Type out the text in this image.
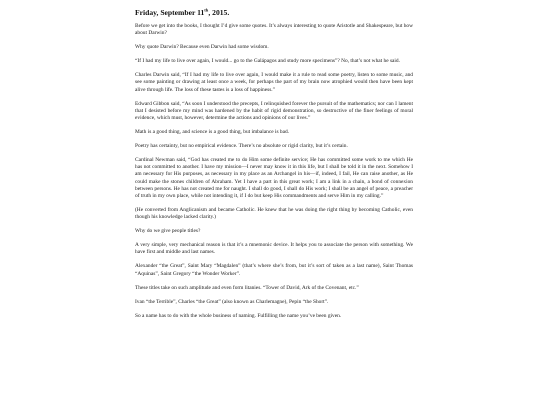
Friday, September 11th, 2015.

Before we get into the books, I thought I’d give some quotes. It’s always interesting to quote Aristotle and Shakespeare, but how about Darwin?

Why quote Darwin? Because even Darwin had some wisdom.

“If I had my life to live over again, I would... go to the Galápagos and study more specimens”? No, that’s not what he said.

Charles Darwin said, “If I had my life to live over again, I would make it a rule to read some poetry, listen to some music, and see some painting or drawing at least once a week, for perhaps the part of my brain now atrophied would then have been kept alive through life. The loss of these tastes is a loss of happiness.”

Edward Gibbon said, “As soon I understood the precepts, I relinquished forever the pursuit of the mathematics; nor can I lament that I desisted before my mind was hardened by the habit of rigid demonstration, so destructive of the finer feelings of moral evidence, which must, however, determine the actions and opinions of our lives.”

Math is a good thing, and science is a good thing, but imbalance is bad.

Poetry has certainty, but no empirical evidence. There’s no absolute or rigid clarity, but it’s certain.

Cardinal Newman said, “God has created me to do Him some definite service; He has committed some work to me which He has not committed to another. I have my mission—I never may know it in this life, but I shall be told it in the next. Somehow I am necessary for His purposes, as necessary in my place as an Archangel in his—if, indeed, I fail, He can raise another, as He could make the stones children of Abraham. Yet I have a part in this great work; I am a link in a chain, a bond of connexion between persons. He has not created me for naught. I shall do good, I shall do His work; I shall be an angel of peace, a preacher of truth in my own place, while not intending it, if I do but keep His commandments and serve Him in my calling.”

(He converted from Anglicanism and became Catholic. He knew that he was doing the right thing by becoming Catholic, even though his knowledge lacked clarity.)

Why do we give people titles?

A very simple, very mechanical reason is that it’s a mnemonic device. It helps you to associate the person with something. We have first and middle and last names.

Alexander “the Great”, Saint Mary “Magdalen” (that’s where she’s from, but it’s sort of taken as a last name), Saint Thomas “Aquinas”, Saint Gregory “the Wonder Worker”.

These titles take on such amplitude and even form litanies. “Tower of David, Ark of the Covenant, etc.”

Ivan “the Terrible”, Charles “the Great” (also known as Charlemagne), Pepin “the Short”.

So a name has to do with the whole business of naming. Fulfilling the name you’ve been given.
